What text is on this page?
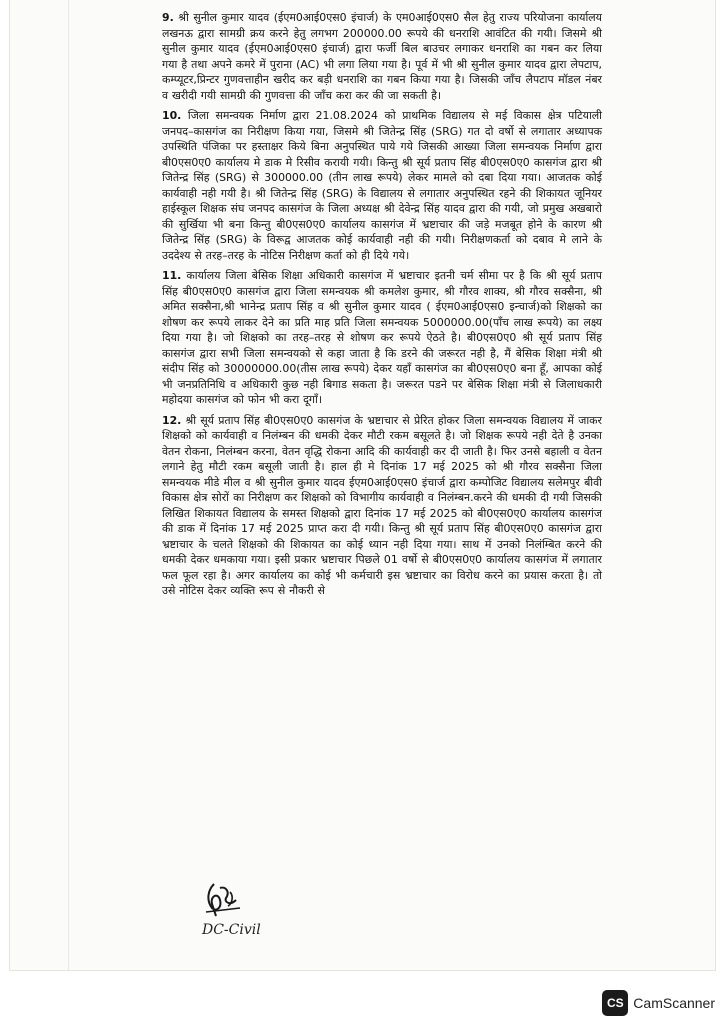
9. श्री सुनील कुमार यादव (ईएम0आई0एस0 इंचार्ज) के एम0आई0एस0 सैल हेतु राज्य परियोजना कार्यालय लखनऊ द्वारा सामग्री क्रय करने हेतु लगभग 200000.00 रूपये की धनराशि आवंटित की गयी। जिसमे श्री सुनील कुमार यादव (ईएम0आई0एस0 इंचार्ज) द्वारा फर्जी बिल बाउचर लगाकर धनराशि का गबन कर लिया गया है तथा अपने कमरे में पुराना (AC) भी लगा लिया गया है। पूर्व में भी श्री सुनील कुमार यादव द्वारा लेपटाप, कम्प्यूटर,प्रिन्टर गुणवत्ताहीन खरीद कर बड़ी धनराशि का गबन किया गया है। जिसकी जाँच लैपटाप मॉडल नंबर व खरीदी गयी सामग्री की गुणवत्ता की जाँच करा कर की जा सकती है।

10. जिला समन्वयक निर्माण द्वारा 21.08.2024 को प्राथमिक विद्यालय से मई विकास क्षेत्र पटियाली जनपद–कासगंज का निरीक्षण किया गया, जिसमे श्री जितेन्द्र सिंह (SRG) गत दो वर्षो से लगातार अध्यापक उपस्थिति पंजिका पर हस्ताक्षर किये बिना अनुपस्थित पाये गये जिसकी आख्या जिला समन्वयक निर्माण द्वारा बी0एस0ए0 कार्यालय मे डाक मे रिसीव करायी गयी। किन्तु श्री सूर्य प्रताप सिंह बी0एस0ए0 कासगंज द्वारा श्री जितेन्द्र सिंह (SRG) से 300000.00 (तीन लाख रूपये) लेकर मामले को दबा दिया गया। आजतक कोई कार्यवाही नही गयी है। श्री जितेन्द्र सिंह (SRG) के विद्यालय से लगातार अनुपस्थित रहने की शिकायत जूनियर हाईस्कूल शिक्षक संघ जनपद कासगंज के जिला अध्यक्ष श्री देवेन्द्र सिंह यादव द्वारा की गयी, जो प्रमुख अखबारो की सुर्खिया भी बना किन्तु बी0एस0ए0 कार्यालय कासगंज में भ्रष्टाचार की जड़े मजबूत होने के कारण श्री जितेन्द्र सिंह (SRG) के विरूद्व आजतक कोई कार्यवाही नही की गयी। निरीक्षणकर्ता को दबाव मे लाने के उददेश्य से तरह–तरह के नोटिस निरीक्षण कर्ता को ही दिये गये।

11. कार्यालय जिला बेसिक शिक्षा अधिकारी कासगंज में भ्रष्टाचार इतनी चर्म सीमा पर है कि श्री सूर्य प्रताप सिंह बी0एस0ए0 कासगंज द्वारा जिला समन्वयक श्री कमलेश कुमार, श्री गौरव शाक्य, श्री गौरव सक्सैना, श्री अमित सक्सैना,श्री भानेन्द्र प्रताप सिंह व श्री सुनील कुमार यादव ( ईएम0आई0एस0 इन्चार्ज)को शिक्षको का शोषण कर रूपये लाकर देने का प्रति माह प्रति जिला समन्वयक 5000000.00(पाँच लाख रूपये) का लक्ष्य दिया गया है। जो शिक्षको का तरह–तरह से शोषण कर रूपये ऐठते है। बी0एस0ए0 श्री सूर्य प्रताप सिंह कासगंज द्वारा सभी जिला समन्वयको से कहा जाता है कि डरने की जरूरत नही है, मैं बेसिक शिक्षा मंत्री श्री संदीप सिंह को 30000000.00(तीस लाख रूपये) देकर यहाँ कासगंज का बी0एस0ए0 बना हूँ, आपका कोई भी जनप्रतिनिधि व अधिकारी कुछ नही बिगाड सकता है। जरूरत पडने पर बेसिक शिक्षा मंत्री से जिलाधकारी महोदया कासगंज को फोन भी करा दूगाँ।

12. श्री सूर्य प्रताप सिंह बी0एस0ए0 कासगंज के भ्रष्टाचार से प्रेरित होकर जिला समन्वयक विद्यालय में जाकर शिक्षको को कार्यवाही व निलंम्बन की धमकी देकर मौटी रकम बसूलते है। जो शिक्षक रूपये नही देते है उनका वेतन रोकना, निलंम्बन करना, वेतन वृद्धि रोकना आदि की कार्यवाही कर दी जाती है। फिर उनसे बहाली व वेतन लगाने हेतु मौटी रकम बसूली जाती है। हाल ही मे दिनांक 17 मई 2025 को श्री गौरव सक्सैना जिला समन्वयक मीडे मील व श्री सुनील कुमार यादव ईएम0आई0एस0 इंचार्ज द्वारा कम्पोजिट विद्यालय सलेमपुर बीवी विकास क्षेत्र सोरों का निरीक्षण कर शिक्षको को विभागीय कार्यवाही व निलंम्बन.करने की धमकी दी गयी जिसकी लिखित शिकायत विद्यालय के समस्त शिक्षको द्वारा दिनांक 17 मई 2025 को बी0एस0ए0 कार्यालय कासगंज की डाक में दिनांक 17 मई 2025 प्राप्त करा दी गयी। किन्तु श्री सूर्य प्रताप सिंह बी0एस0ए0 कासगंज द्वारा भ्रष्टाचार के चलते शिक्षको की शिकायत का कोई ध्यान नही दिया गया। साथ में उनको निलंम्बित करने की धमकी देकर धमकाया गया। इसी प्रकार भ्रष्टाचार पिछले 01 वर्षो से बी0एस0ए0 कार्यालय कासगंज में लगातार फल फूल रहा है। अगर कार्यालय का कोई भी कर्मचारी इस भ्रष्टाचार का विरोध करने का प्रयास करता है। तो उसे नोटिस देकर व्यक्ति रूप से नौकरी से

DC-Civil
CS CamScanner
